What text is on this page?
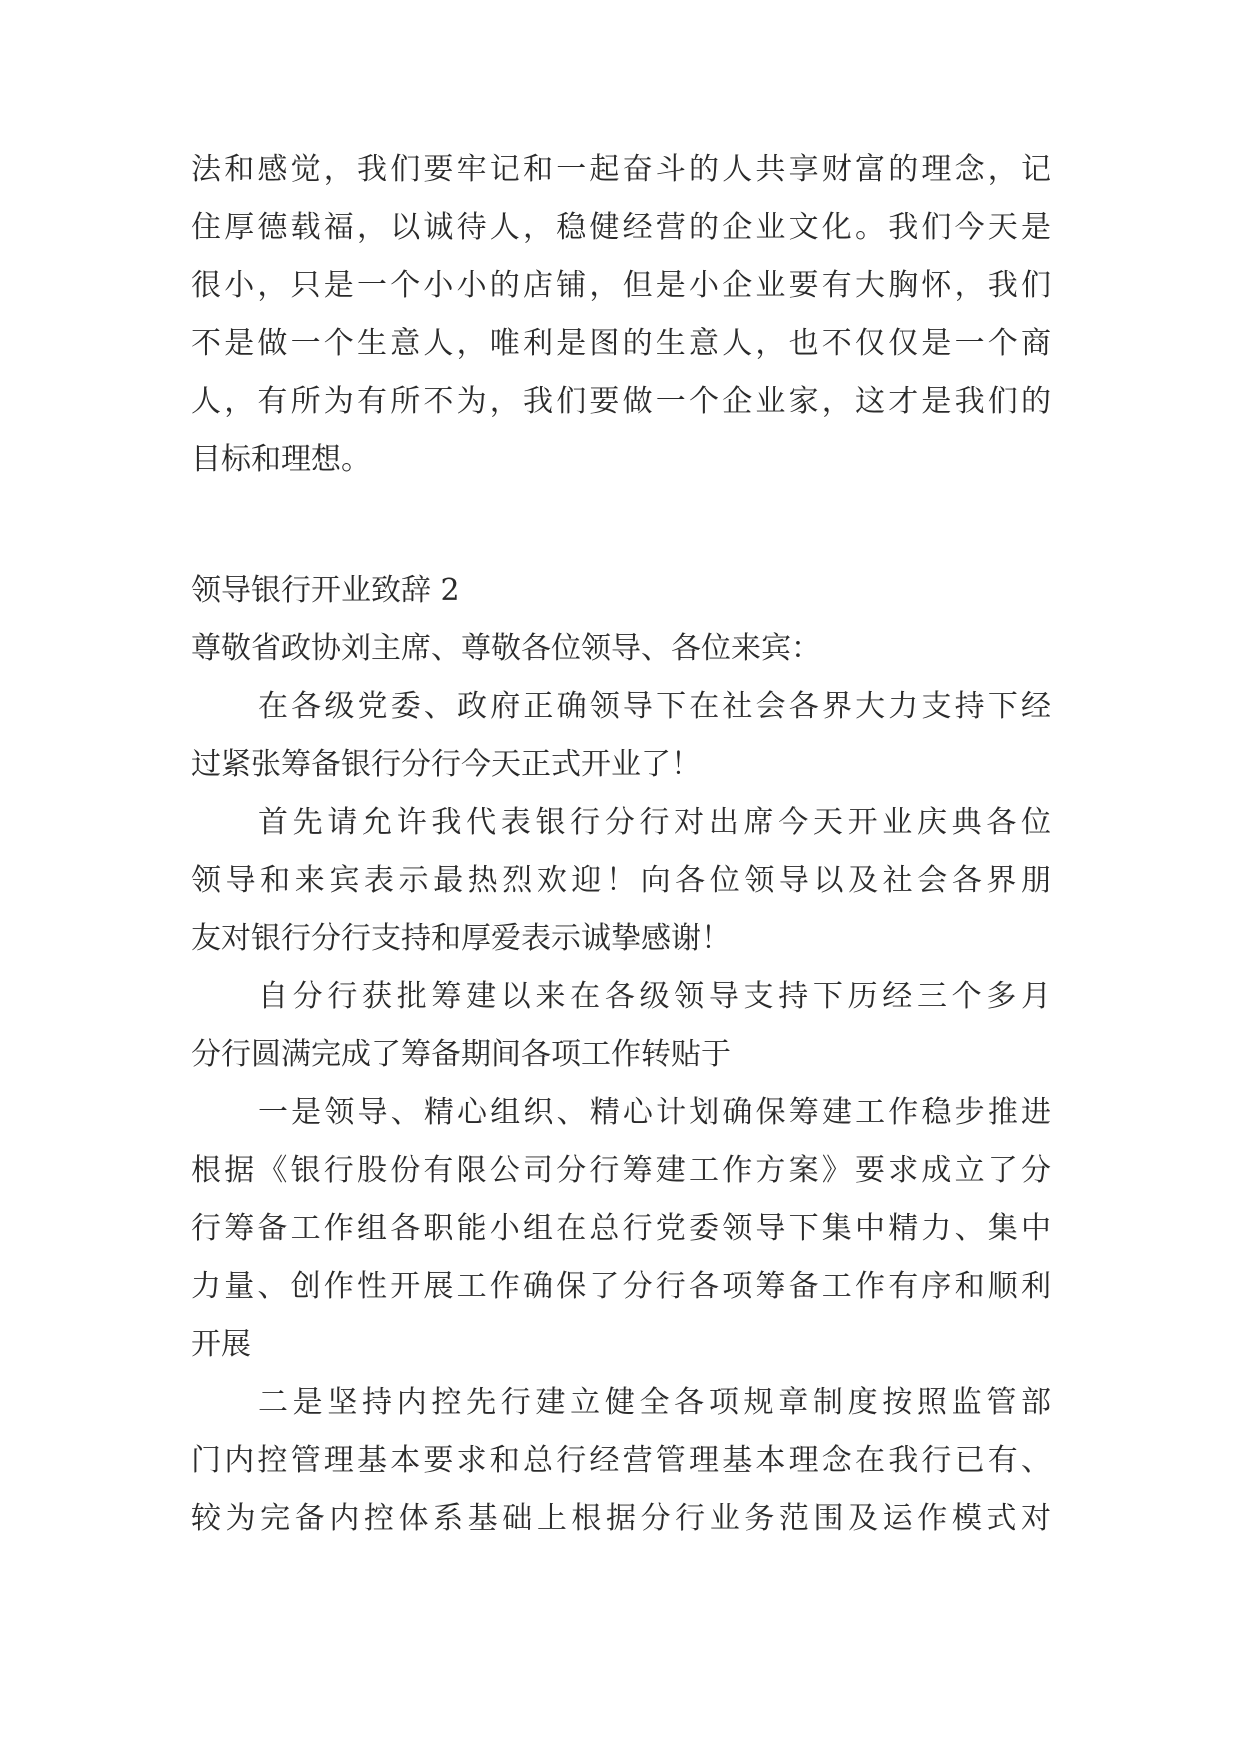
法和感觉，我们要牢记和一起奋斗的人共享财富的理念，记
住厚德载福，以诚待人，稳健经营的企业文化。我们今天是
很小，只是一个小小的店铺，但是小企业要有大胸怀，我们
不是做一个生意人，唯利是图的生意人，也不仅仅是一个商
人，有所为有所不为，我们要做一个企业家，这才是我们的
目标和理想。
领导银行开业致辞 2
尊敬省政协刘主席、尊敬各位领导、各位来宾：
在各级党委、政府正确领导下在社会各界大力支持下经
过紧张筹备银行分行今天正式开业了！
首先请允许我代表银行分行对出席今天开业庆典各位
领导和来宾表示最热烈欢迎！向各位领导以及社会各界朋
友对银行分行支持和厚爱表示诚挚感谢！
自分行获批筹建以来在各级领导支持下历经三个多月
分行圆满完成了筹备期间各项工作转贴于
一是领导、精心组织、精心计划确保筹建工作稳步推进
根据《银行股份有限公司分行筹建工作方案》要求成立了分
行筹备工作组各职能小组在总行党委领导下集中精力、集中
力量、创作性开展工作确保了分行各项筹备工作有序和顺利
开展
二是坚持内控先行建立健全各项规章制度按照监管部
门内控管理基本要求和总行经营管理基本理念在我行已有、
较为完备内控体系基础上根据分行业务范围及运作模式对
